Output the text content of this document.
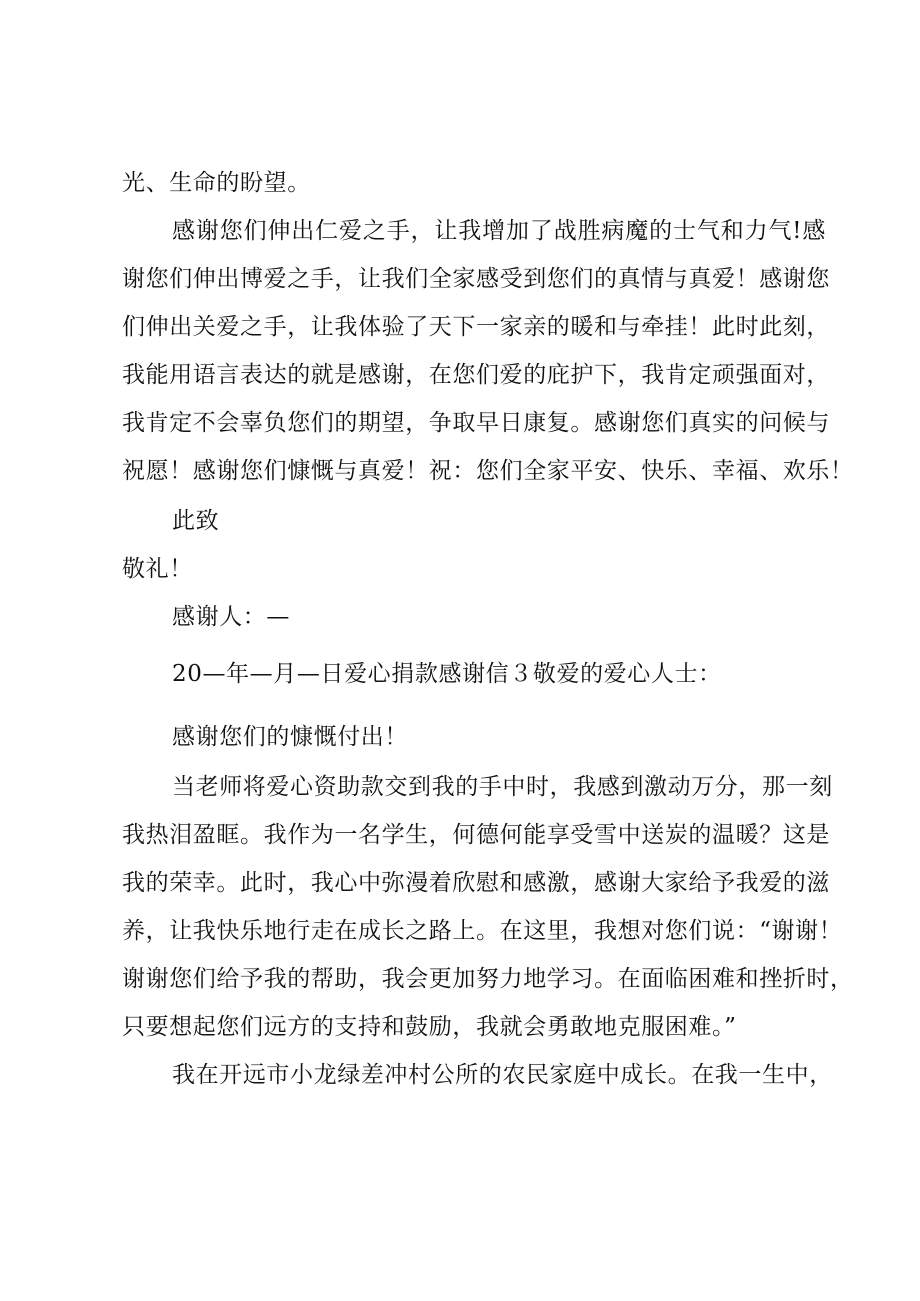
光、生命的盼望。
感谢您们伸出仁爱之手，让我增加了战胜病魔的士气和力气!感
谢您们伸出博爱之手，让我们全家感受到您们的真情与真爱！感谢您
们伸出关爱之手，让我体验了天下一家亲的暖和与牵挂！此时此刻，
我能用语言表达的就是感谢，在您们爱的庇护下，我肯定顽强面对，
我肯定不会辜负您们的期望，争取早日康复。感谢您们真实的问候与
祝愿！感谢您们慷慨与真爱！祝：您们全家平安、快乐、幸福、欢乐！
此致
敬礼！
感谢人：—
20—年—月—日爱心捐款感谢信３敬爱的爱心人士：
感谢您们的慷慨付出！
当老师将爱心资助款交到我的手中时，我感到激动万分，那一刻
我热泪盈眶。我作为一名学生，何德何能享受雪中送炭的温暖？这是
我的荣幸。此时，我心中弥漫着欣慰和感激，感谢大家给予我爱的滋
养，让我快乐地行走在成长之路上。在这里，我想对您们说：“谢谢！
谢谢您们给予我的帮助，我会更加努力地学习。在面临困难和挫折时，
只要想起您们远方的支持和鼓励，我就会勇敢地克服困难。”
我在开远市小龙绿差冲村公所的农民家庭中成长。在我一生中，
